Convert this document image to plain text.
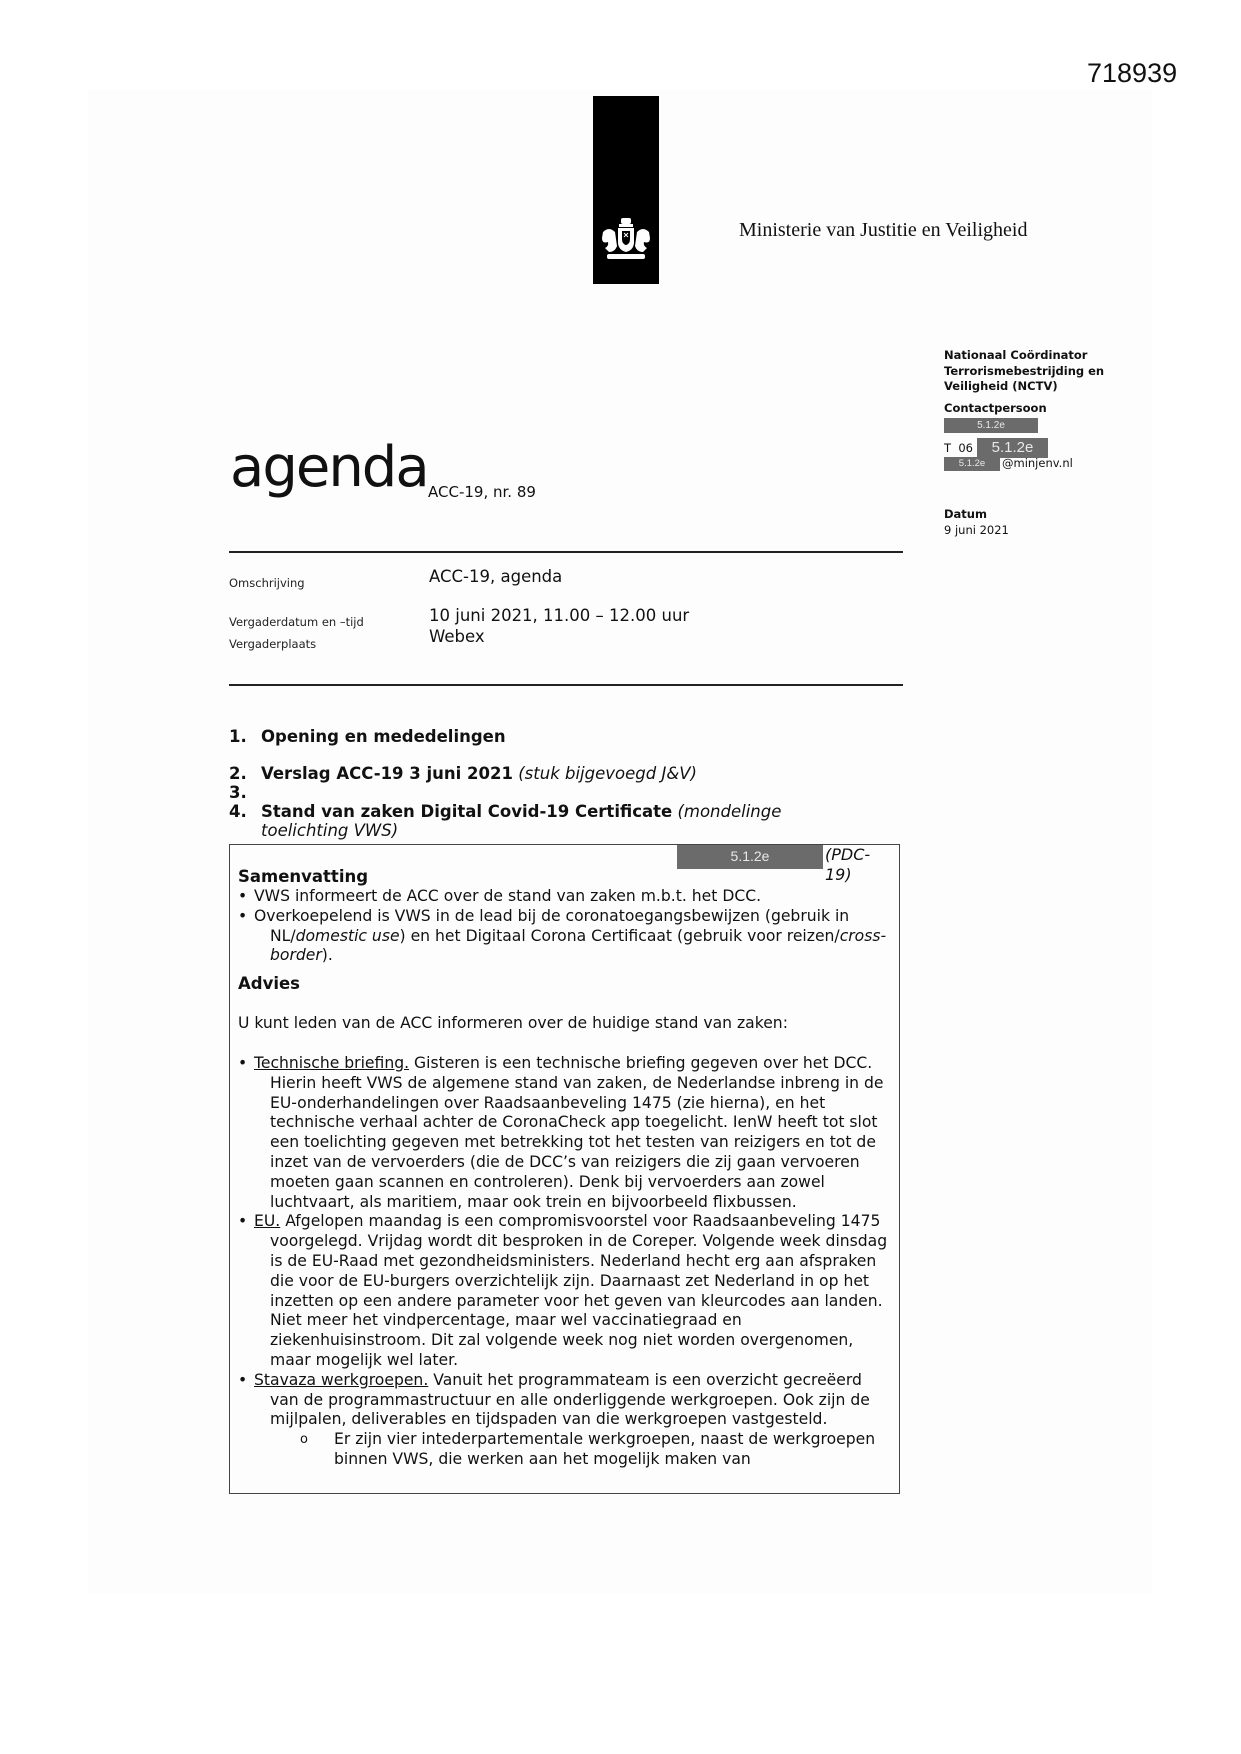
718939
Ministerie van Justitie en Veiligheid
Nationaal Coördinator
Terrorismebestrijding en
Veiligheid (NCTV)
Contactpersoon
5.1.2e
T  06	5.1.2e
5.1.2e	@minjenv.nl
Datum
9 juni 2021
agenda ACC-19, nr. 89
Omschrijving	ACC-19, agenda
Vergaderdatum en –tijd	10 juni 2021, 11.00 – 12.00 uur
Vergaderplaats	Webex
1. Opening en mededelingen
2. Verslag ACC-19 3 juni 2021 (stuk bijgevoegd J&V)
3.
4. Stand van zaken Digital Covid-19 Certificate (mondelinge toelichting VWS)
5.1.2e	(PDC-19)
Samenvatting
• VWS informeert de ACC over de stand van zaken m.b.t. het DCC.
• Overkoepelend is VWS in de lead bij de coronatoegangsbewijzen (gebruik in NL/domestic use) en het Digitaal Corona Certificaat (gebruik voor reizen/cross-border).
Advies
U kunt leden van de ACC informeren over de huidige stand van zaken:
• Technische briefing. Gisteren is een technische briefing gegeven over het DCC. Hierin heeft VWS de algemene stand van zaken, de Nederlandse inbreng in de EU-onderhandelingen over Raadsaanbeveling 1475 (zie hierna), en het technische verhaal achter de CoronaCheck app toegelicht. IenW heeft tot slot een toelichting gegeven met betrekking tot het testen van reizigers en tot de inzet van de vervoerders (die de DCC’s van reizigers die zij gaan vervoeren moeten gaan scannen en controleren). Denk bij vervoerders aan zowel luchtvaart, als maritiem, maar ook trein en bijvoorbeeld flixbussen.
• EU. Afgelopen maandag is een compromisvoorstel voor Raadsaanbeveling 1475 voorgelegd. Vrijdag wordt dit besproken in de Coreper. Volgende week dinsdag is de EU-Raad met gezondheidsministers. Nederland hecht erg aan afspraken die voor de EU-burgers overzichtelijk zijn. Daarnaast zet Nederland in op het inzetten op een andere parameter voor het geven van kleurcodes aan landen. Niet meer het vindpercentage, maar wel vaccinatiegraad en ziekenhuisinstroom. Dit zal volgende week nog niet worden overgenomen, maar mogelijk wel later.
• Stavaza werkgroepen. Vanuit het programmateam is een overzicht gecreëerd van de programmastructuur en alle onderliggende werkgroepen. Ook zijn de mijlpalen, deliverables en tijdspaden van die werkgroepen vastgesteld.
o Er zijn vier intederpartementale werkgroepen, naast de werkgroepen binnen VWS, die werken aan het mogelijk maken van
